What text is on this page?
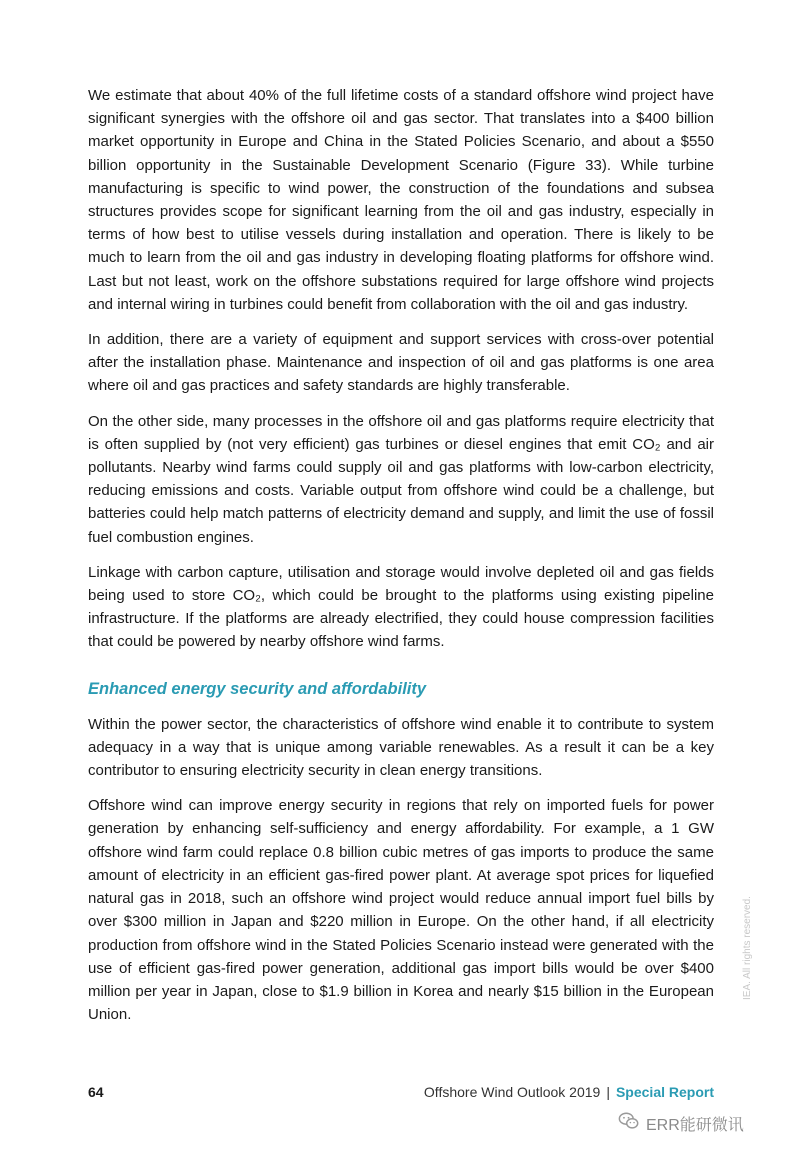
We estimate that about 40% of the full lifetime costs of a standard offshore wind project have significant synergies with the offshore oil and gas sector. That translates into a $400 billion market opportunity in Europe and China in the Stated Policies Scenario, and about a $550 billion opportunity in the Sustainable Development Scenario (Figure 33). While turbine manufacturing is specific to wind power, the construction of the foundations and subsea structures provides scope for significant learning from the oil and gas industry, especially in terms of how best to utilise vessels during installation and operation. There is likely to be much to learn from the oil and gas industry in developing floating platforms for offshore wind. Last but not least, work on the offshore substations required for large offshore wind projects and internal wiring in turbines could benefit from collaboration with the oil and gas industry.

In addition, there are a variety of equipment and support services with cross-over potential after the installation phase. Maintenance and inspection of oil and gas platforms is one area where oil and gas practices and safety standards are highly transferable.

On the other side, many processes in the offshore oil and gas platforms require electricity that is often supplied by (not very efficient) gas turbines or diesel engines that emit CO₂ and air pollutants. Nearby wind farms could supply oil and gas platforms with low-carbon electricity, reducing emissions and costs. Variable output from offshore wind could be a challenge, but batteries could help match patterns of electricity demand and supply, and limit the use of fossil fuel combustion engines.

Linkage with carbon capture, utilisation and storage would involve depleted oil and gas fields being used to store CO₂, which could be brought to the platforms using existing pipeline infrastructure. If the platforms are already electrified, they could house compression facilities that could be powered by nearby offshore wind farms.

Enhanced energy security and affordability

Within the power sector, the characteristics of offshore wind enable it to contribute to system adequacy in a way that is unique among variable renewables. As a result it can be a key contributor to ensuring electricity security in clean energy transitions.

Offshore wind can improve energy security in regions that rely on imported fuels for power generation by enhancing self-sufficiency and energy affordability. For example, a 1 GW offshore wind farm could replace 0.8 billion cubic metres of gas imports to produce the same amount of electricity in an efficient gas-fired power plant. At average spot prices for liquefied natural gas in 2018, such an offshore wind project would reduce annual import fuel bills by over $300 million in Japan and $220 million in Europe. On the other hand, if all electricity production from offshore wind in the Stated Policies Scenario instead were generated with the use of efficient gas-fired power generation, additional gas import bills would be over $400 million per year in Japan, close to $1.9 billion in Korea and nearly $15 billion in the European Union.

IEA. All rights reserved.
64	Offshore Wind Outlook 2019 | Special Report
ERR能研微讯
